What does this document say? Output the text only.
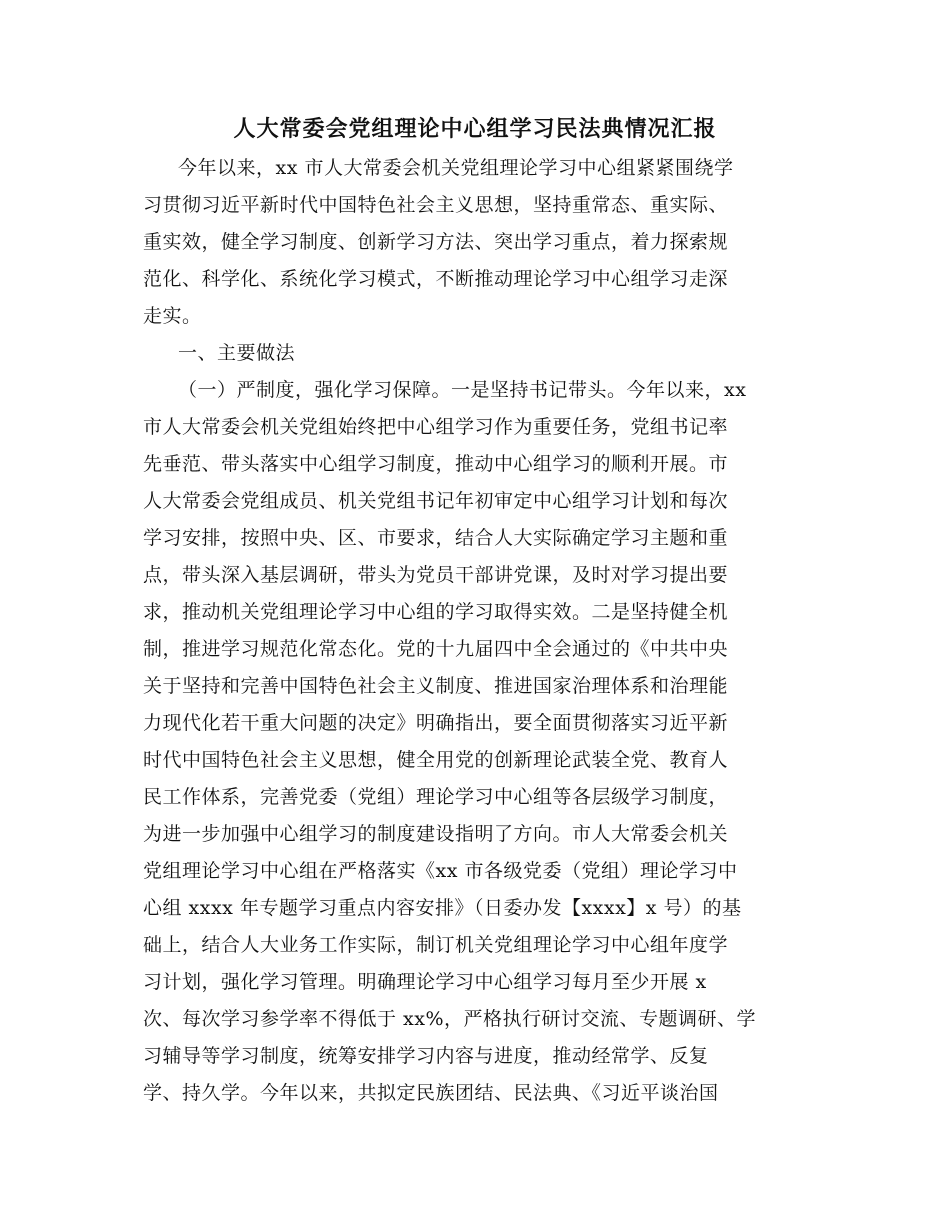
人大常委会党组理论中心组学习民法典情况汇报
今年以来，xx 市人大常委会机关党组理论学习中心组紧紧围绕学
习贯彻习近平新时代中国特色社会主义思想，坚持重常态、重实际、
重实效，健全学习制度、创新学习方法、突出学习重点，着力探索规
范化、科学化、系统化学习模式，不断推动理论学习中心组学习走深
走实。
一、主要做法
（一）严制度，强化学习保障。一是坚持书记带头。今年以来，xx
市人大常委会机关党组始终把中心组学习作为重要任务，党组书记率
先垂范、带头落实中心组学习制度，推动中心组学习的顺利开展。市
人大常委会党组成员、机关党组书记年初审定中心组学习计划和每次
学习安排，按照中央、区、市要求，结合人大实际确定学习主题和重
点，带头深入基层调研，带头为党员干部讲党课，及时对学习提出要
求，推动机关党组理论学习中心组的学习取得实效。二是坚持健全机
制，推进学习规范化常态化。党的十九届四中全会通过的《中共中央
关于坚持和完善中国特色社会主义制度、推进国家治理体系和治理能
力现代化若干重大问题的决定》明确指出，要全面贯彻落实习近平新
时代中国特色社会主义思想，健全用党的创新理论武装全党、教育人
民工作体系，完善党委（党组）理论学习中心组等各层级学习制度，
为进一步加强中心组学习的制度建设指明了方向。市人大常委会机关
党组理论学习中心组在严格落实《xx 市各级党委（党组）理论学习中
心组 xxxx 年专题学习重点内容安排》（日委办发【xxxx】x 号）的基
础上，结合人大业务工作实际，制订机关党组理论学习中心组年度学
习计划，强化学习管理。明确理论学习中心组学习每月至少开展 x
次、每次学习参学率不得低于 xx%，严格执行研讨交流、专题调研、学
习辅导等学习制度，统筹安排学习内容与进度，推动经常学、反复
学、持久学。今年以来，共拟定民族团结、民法典、《习近平谈治国
